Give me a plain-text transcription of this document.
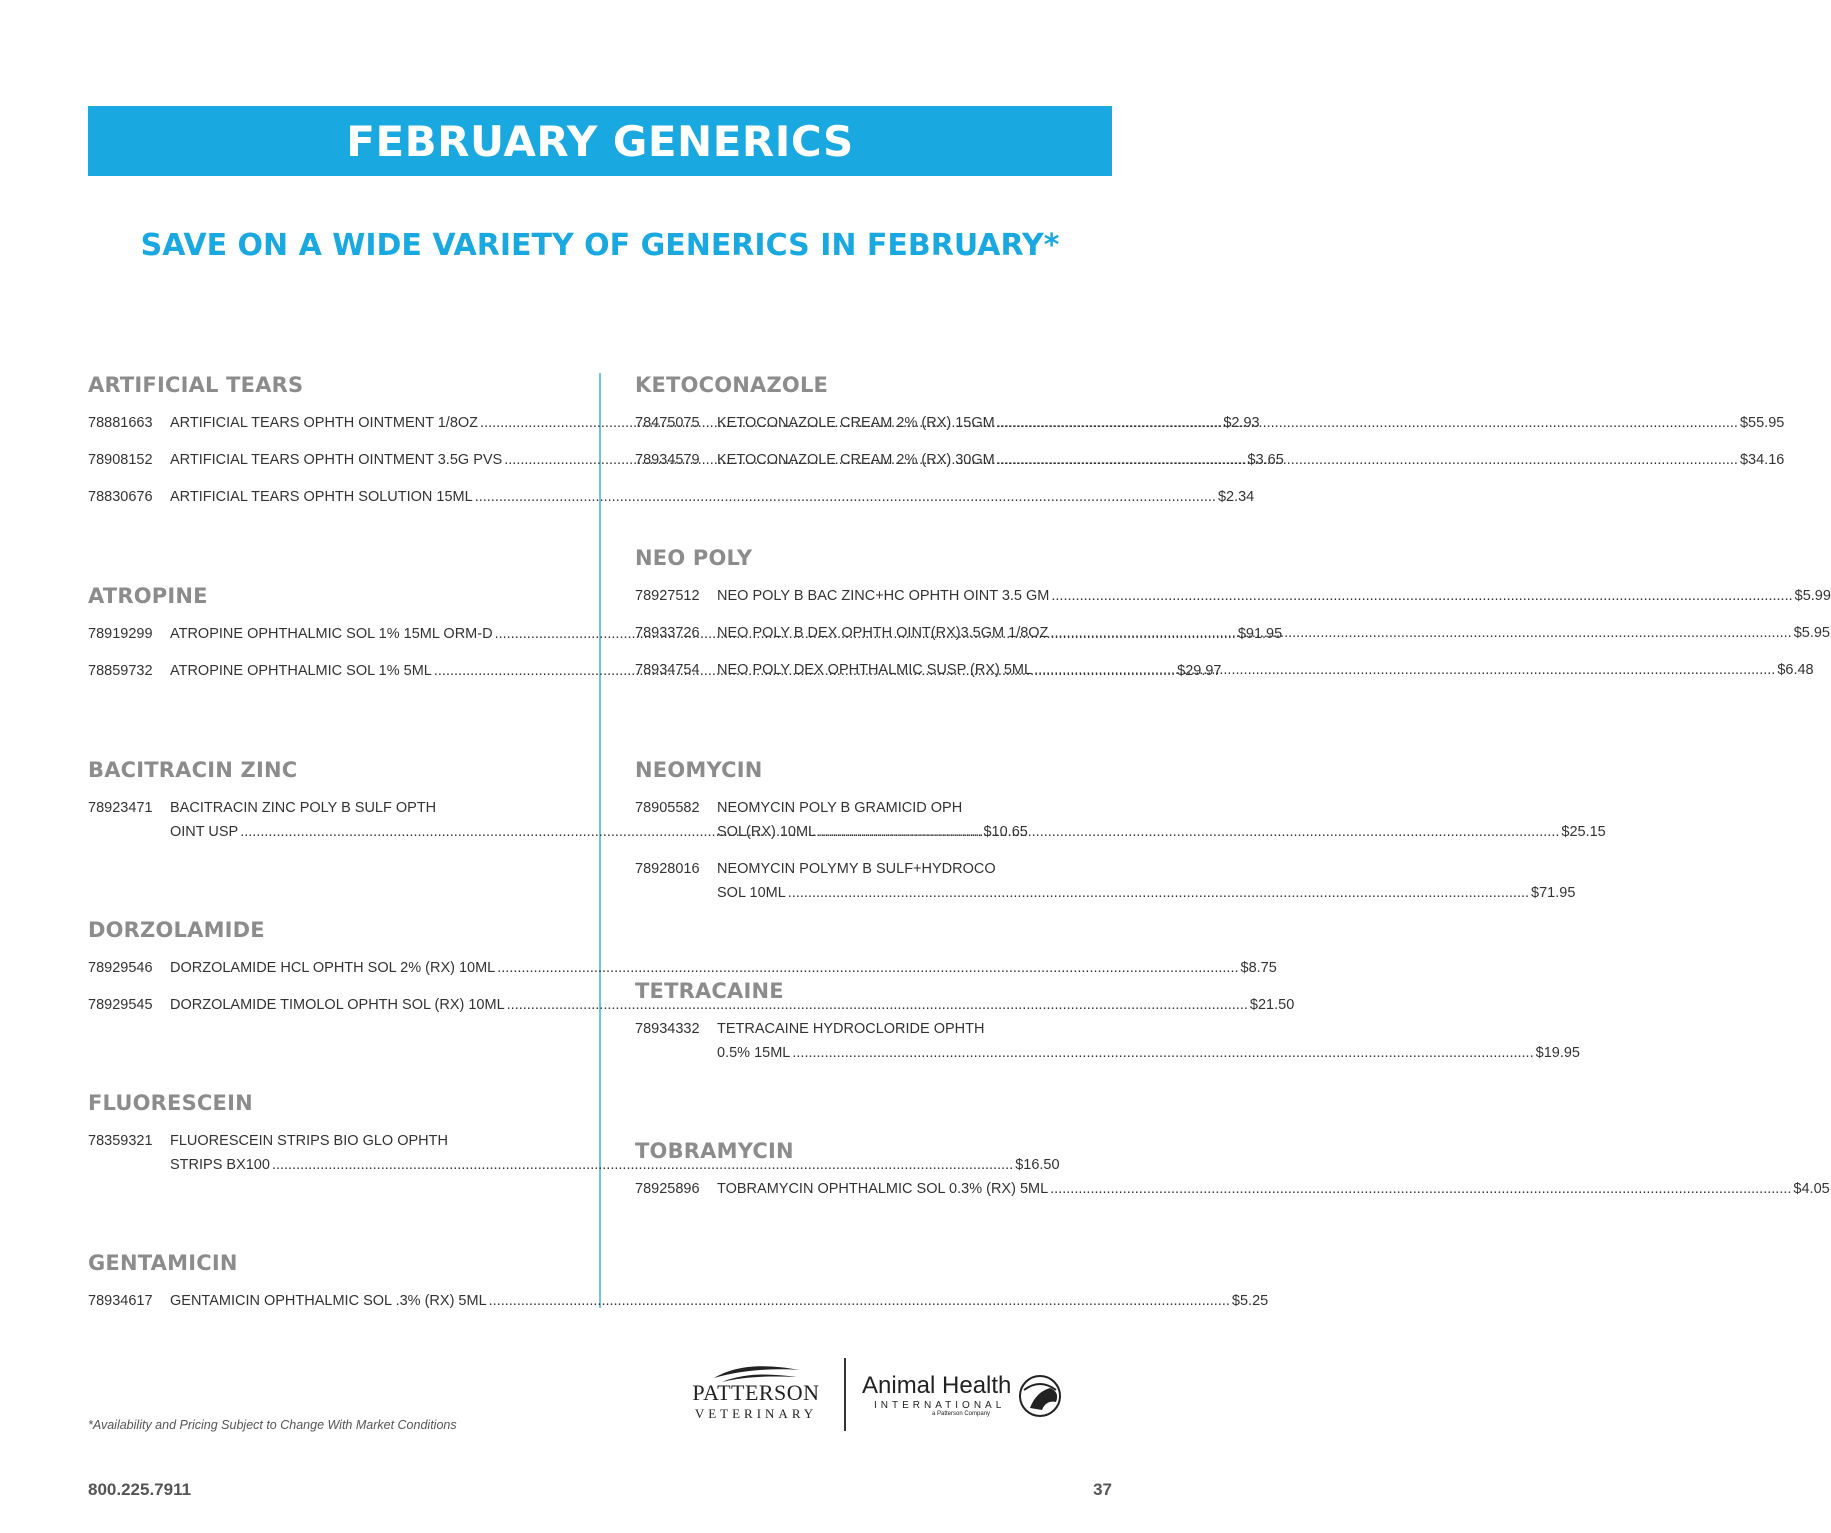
FEBRUARY GENERICS
SAVE ON A WIDE VARIETY OF GENERICS IN FEBRUARY*
ARTIFICIAL TEARS
78881663	ARTIFICIAL TEARS OPHTH OINTMENT 1/8OZ .....	$2.93
78908152	ARTIFICIAL TEARS OPHTH OINTMENT 3.5G PVS .....	$3.65
78830676	ARTIFICIAL TEARS OPHTH SOLUTION 15ML .....	$2.34
ATROPINE
78919299	ATROPINE OPHTHALMIC SOL 1% 15ML ORM-D .....	$91.95
78859732	ATROPINE OPHTHALMIC SOL 1% 5ML .....	$29.97
BACITRACIN ZINC
78923471	BACITRACIN ZINC POLY B SULF OPTH
OINT USP .....	$10.65
DORZOLAMIDE
78929546	DORZOLAMIDE HCL OPHTH SOL 2% (RX) 10ML .....	$8.75
78929545	DORZOLAMIDE TIMOLOL OPHTH SOL (RX) 10ML .....	$21.50
FLUORESCEIN
78359321	FLUORESCEIN STRIPS BIO GLO OPHTH
STRIPS BX100 .....	$16.50
GENTAMICIN
78934617	GENTAMICIN OPHTHALMIC SOL .3% (RX) 5ML .....	$5.25
KETOCONAZOLE
78475075	KETOCONAZOLE CREAM 2% (RX) 15GM .....	$55.95
78934579	KETOCONAZOLE CREAM 2% (RX) 30GM .....	$34.16
NEO POLY
78927512	NEO POLY B BAC ZINC+HC OPHTH OINT 3.5 GM .....	$5.99
78933726	NEO POLY B DEX OPHTH OINT(RX)3.5GM 1/8OZ .....	$5.95
78934754	NEO POLY DEX OPHTHALMIC SUSP (RX) 5ML .....	$6.48
NEOMYCIN
78905582	NEOMYCIN POLY B GRAMICID OPH
SOL(RX) 10ML .....	$25.15
78928016	NEOMYCIN POLYMY B SULF+HYDROCO
SOL 10ML .....	$71.95
TETRACAINE
78934332	TETRACAINE HYDROCLORIDE OPHTH
0.5% 15ML .....	$19.95
TOBRAMYCIN
78925896	TOBRAMYCIN OPHTHALMIC SOL 0.3% (RX) 5ML .....	$4.05
PATTERSON
VETERINARY
Animal Health
INTERNATIONAL
a Patterson Company
*Availability and Pricing Subject to Change With Market Conditions
800.225.7911	37
